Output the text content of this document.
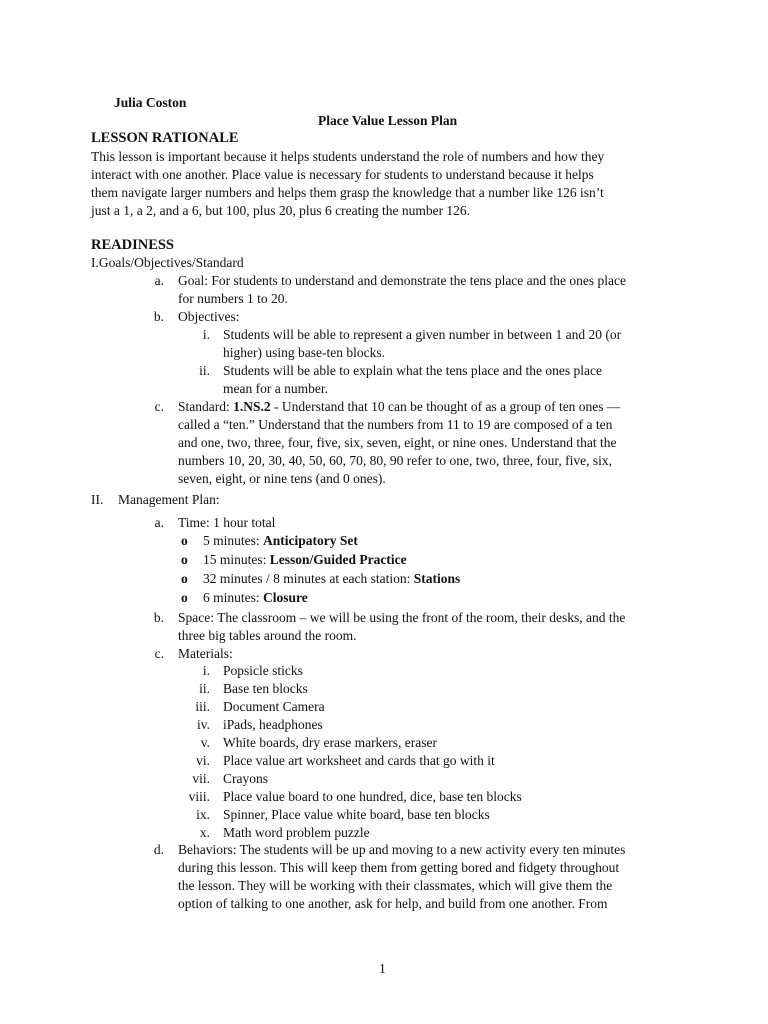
Julia Coston
Place Value Lesson Plan
LESSON RATIONALE
This lesson is important because it helps students understand the role of numbers and how they
interact with one another. Place value is necessary for students to understand because it helps
them navigate larger numbers and helps them grasp the knowledge that a number like 126 isn’t
just a 1, a 2, and a 6, but 100, plus 20, plus 6 creating the number 126.
READINESS
I.Goals/Objectives/Standard
a. Goal: For students to understand and demonstrate the tens place and the ones place
for numbers 1 to 20.
b. Objectives:
i. Students will be able to represent a given number in between 1 and 20 (or
higher) using base-ten blocks.
ii. Students will be able to explain what the tens place and the ones place
mean for a number.
c. Standard: 1.NS.2 - Understand that 10 can be thought of as a group of ten ones —
called a “ten.” Understand that the numbers from 11 to 19 are composed of a ten
and one, two, three, four, five, six, seven, eight, or nine ones. Understand that the
numbers 10, 20, 30, 40, 50, 60, 70, 80, 90 refer to one, two, three, four, five, six,
seven, eight, or nine tens (and 0 ones).
II. Management Plan:
a. Time: 1 hour total
o 5 minutes: Anticipatory Set
o 15 minutes: Lesson/Guided Practice
o 32 minutes / 8 minutes at each station: Stations
o 6 minutes: Closure
b. Space: The classroom – we will be using the front of the room, their desks, and the
three big tables around the room.
c. Materials:
i. Popsicle sticks
ii. Base ten blocks
iii. Document Camera
iv. iPads, headphones
v. White boards, dry erase markers, eraser
vi. Place value art worksheet and cards that go with it
vii. Crayons
viii. Place value board to one hundred, dice, base ten blocks
ix. Spinner, Place value white board, base ten blocks
x. Math word problem puzzle
d. Behaviors: The students will be up and moving to a new activity every ten minutes
during this lesson. This will keep them from getting bored and fidgety throughout
the lesson. They will be working with their classmates, which will give them the
option of talking to one another, ask for help, and build from one another. From
1
